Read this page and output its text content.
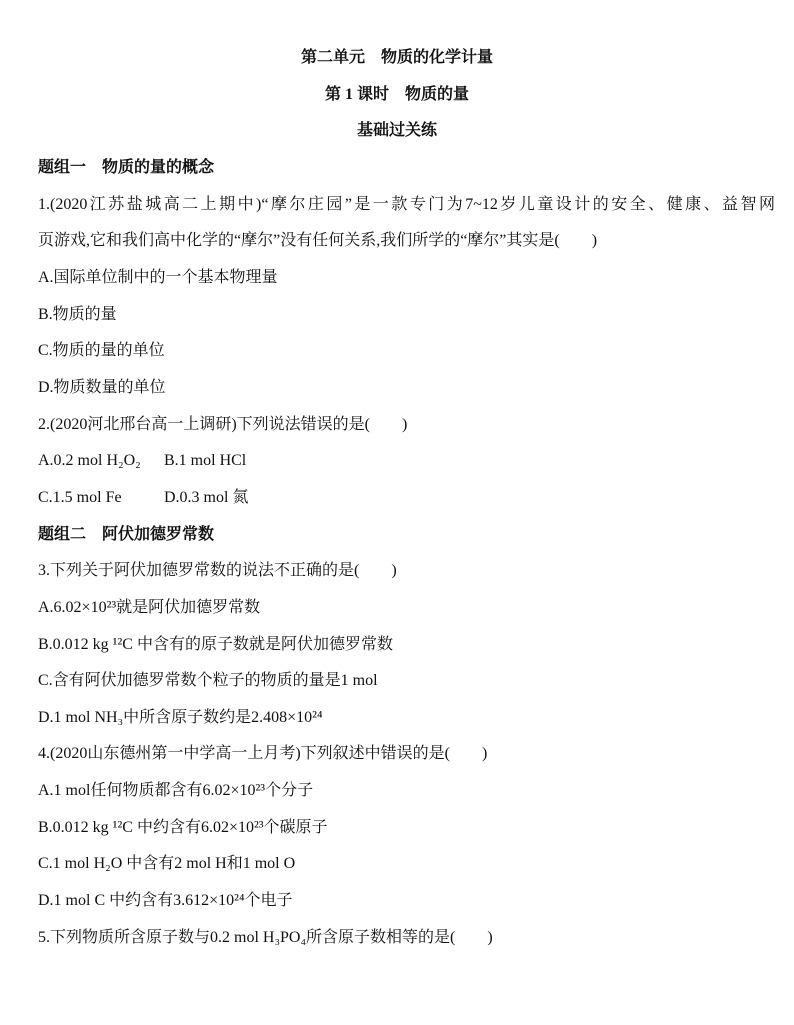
第二单元　物质的化学计量
第 1 课时　物质的量
基础过关练
题组一　物质的量的概念
1.(2020江苏盐城高二上期中)“摩尔庄园”是一款专门为7~12岁儿童设计的安全、健康、益智网
页游戏,它和我们高中化学的“摩尔”没有任何关系,我们所学的“摩尔”其实是(　　)
A.国际单位制中的一个基本物理量
B.物质的量
C.物质的量的单位
D.物质数量的单位
2.(2020河北邢台高一上调研)下列说法错误的是(　　)
A.0.2 mol H₂O₂ B.1 mol HCl
C.1.5 mol Fe	D.0.3 mol 氮
题组二　阿伏加德罗常数
3.下列关于阿伏加德罗常数的说法不正确的是(　　)
A.6.02×10²³就是阿伏加德罗常数
B.0.012 kg ¹²C 中含有的原子数就是阿伏加德罗常数
C.含有阿伏加德罗常数个粒子的物质的量是1 mol
D.1 mol NH₃中所含原子数约是2.408×10²⁴
4.(2020山东德州第一中学高一上月考)下列叙述中错误的是(　　)
A.1 mol任何物质都含有6.02×10²³个分子
B.0.012 kg ¹²C 中约含有6.02×10²³个碳原子
C.1 mol H₂O 中含有2 mol H和1 mol O
D.1 mol C 中约含有3.612×10²⁴个电子
5.下列物质所含原子数与0.2 mol H₃PO₄所含原子数相等的是(　　)
